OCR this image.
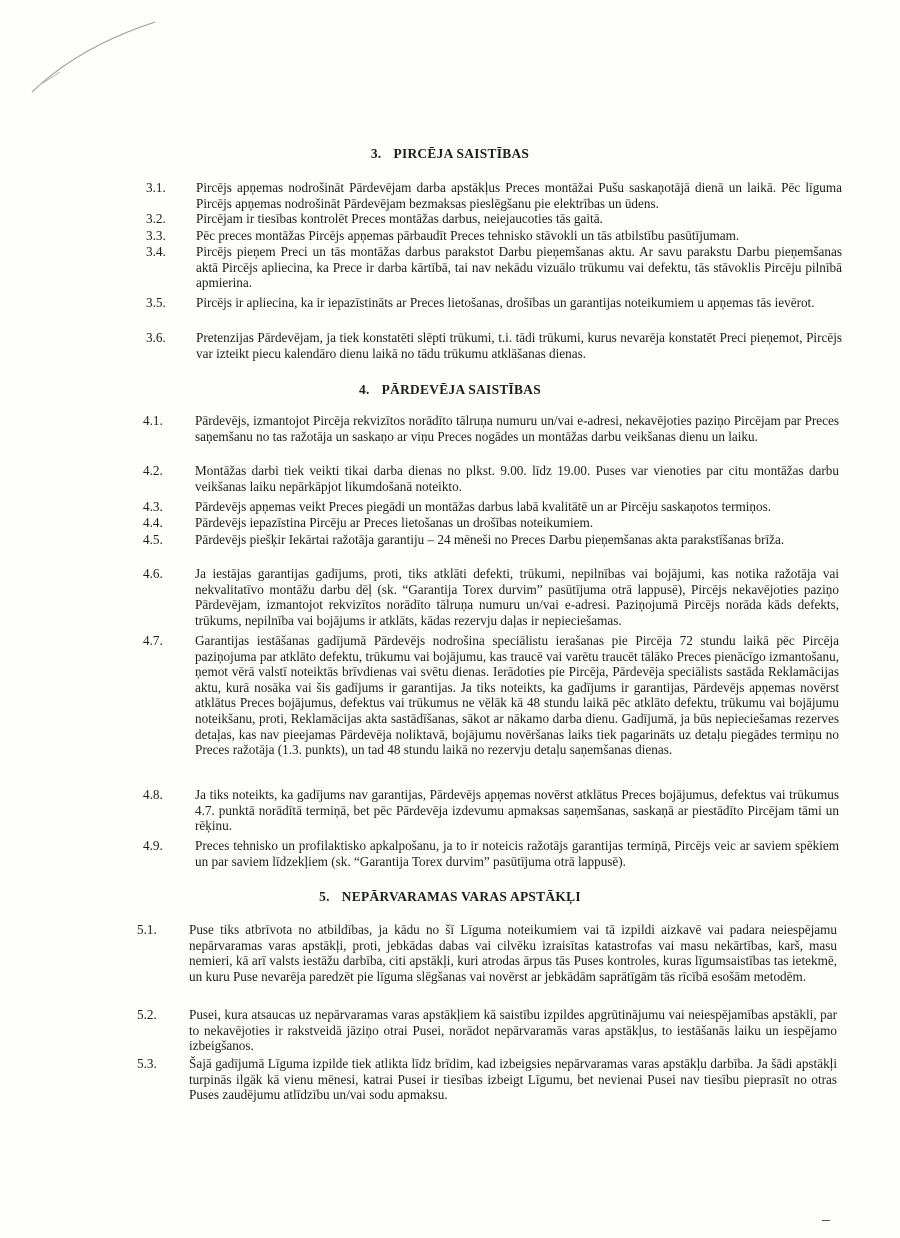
3. PIRCĒJA SAISTĪBAS
3.1.	Pircējs apņemas nodrošināt Pārdevējam darba apstākļus Preces montāžai Pušu saskaņotājā dienā un laikā. Pēc līguma Pircējs apņemas nodrošināt Pārdevējam bezmaksas pieslēgšanu pie elektrības un ūdens.
3.2.	Pircējam ir tiesības kontrolēt Preces montāžas darbus, neiejaucoties tās gaitā.
3.3.	Pēc preces montāžas Pircējs apņemas pārbaudīt Preces tehnisko stāvokli un tās atbilstību pasūtījumam.
3.4.	Pircējs pieņem Preci un tās montāžas darbus parakstot Darbu pieņemšanas aktu. Ar savu parakstu Darbu pieņemšanas aktā Pircējs apliecina, ka Prece ir darba kārtībā, tai nav nekādu vizuālo trūkumu vai defektu, tās stāvoklis Pircēju pilnībā apmierina.
3.5.	Pircējs ir apliecina, ka ir iepazīstināts ar Preces lietošanas, drošības un garantijas noteikumiem u apņemas tās ievērot.
3.6.	Pretenzijas Pārdevējam, ja tiek konstatēti slēpti trūkumi, t.i. tādi trūkumi, kurus nevarēja konstatēt Preci pieņemot, Pircējs var izteikt piecu kalendāro dienu laikā no tādu trūkumu atklāšanas dienas.
4. PĀRDEVĒJA SAISTĪBAS
4.1.	Pārdevējs, izmantojot Pircēja rekvizītos norādīto tālruņa numuru un/vai e-adresi, nekavējoties paziņo Pircējam par Preces saņemšanu no tas ražotāja un saskaņo ar viņu Preces nogādes un montāžas darbu veikšanas dienu un laiku.
4.2.	Montāžas darbi tiek veikti tikai darba dienas no plkst. 9.00. līdz 19.00. Puses var vienoties par citu montāžas darbu veikšanas laiku nepārkāpjot likumdošanā noteikto.
4.3.	Pārdevējs apņemas veikt Preces piegādi un montāžas darbus labā kvalitātē un ar Pircēju saskaņotos termiņos.
4.4.	Pārdevējs iepazīstina Pircēju ar Preces lietošanas un drošības noteikumiem.
4.5.	Pārdevējs piešķir Iekārtai ražotāja garantiju – 24 mēneši no Preces Darbu pieņemšanas akta parakstīšanas brīža.
4.6.	Ja iestājas garantijas gadījums, proti, tiks atklāti defekti, trūkumi, nepilnības vai bojājumi, kas notika ražotāja vai nekvalitatīvo montāžu darbu dēļ (sk. “Garantija Torex durvim” pasūtījuma otrā lappusē), Pircējs nekavējoties paziņo Pārdevējam, izmantojot rekvizītos norādīto tālruņa numuru un/vai e-adresi. Paziņojumā Pircējs norāda kāds defekts, trūkums, nepilnība vai bojājums ir atklāts, kādas rezervju daļas ir nepieciešamas.
4.7.	Garantijas iestāšanas gadījumā Pārdevējs nodrošina speciālistu ierašanas pie Pircēja 72 stundu laikā pēc Pircēja paziņojuma par atklāto defektu, trūkumu vai bojājumu, kas traucē vai varētu traucēt tālāko Preces pienācīgo izmantošanu, ņemot vērā valstī noteiktās brīvdienas vai svētu dienas. Ierādoties pie Pircēja, Pārdevēja speciālists sastāda Reklamācijas aktu, kurā nosāka vai šis gadījums ir garantijas. Ja tiks noteikts, ka gadījums ir garantijas, Pārdevējs apņemas novērst atklātus Preces bojājumus, defektus vai trūkumus ne vēlāk kā 48 stundu laikā pēc atklāto defektu, trūkumu vai bojājumu noteikšanu, proti, Reklamācijas akta sastādīšanas, sākot ar nākamo darba dienu. Gadījumā, ja būs nepieciešamas rezerves detaļas, kas nav pieejamas Pārdevēja noliktavā, bojājumu novēršanas laiks tiek pagarināts uz detaļu piegādes termiņu no Preces ražotāja (1.3. punkts), un tad 48 stundu laikā no rezervju detaļu saņemšanas dienas.
4.8.	Ja tiks noteikts, ka gadījums nav garantijas, Pārdevējs apņemas novērst atklātus Preces bojājumus, defektus vai trūkumus 4.7. punktā norādītā termiņā, bet pēc Pārdevēja izdevumu apmaksas saņemšanas, saskaņā ar piestādīto Pircējam tāmi un rēķinu.
4.9.	Preces tehnisko un profilaktisko apkalpošanu, ja to ir noteicis ražotājs garantijas termiņā, Pircējs veic ar saviem spēkiem un par saviem līdzekļiem (sk. “Garantija Torex durvim” pasūtījuma otrā lappusē).
5. NEPĀRVARAMAS VARAS APSTĀKĻI
5.1.	Puse tiks atbrīvota no atbildības, ja kādu no šī Līguma noteikumiem vai tā izpildi aizkavē vai padara neiespējamu nepārvaramas varas apstākļi, proti, jebkādas dabas vai cilvēku izraisītas katastrofas vai masu nekārtības, karš, masu nemieri, kā arī valsts iestāžu darbība, citi apstākļi, kuri atrodas ārpus tās Puses kontroles, kuras līgumsaistības tas ietekmē, un kuru Puse nevarēja paredzēt pie līguma slēgšanas vai novērst ar jebkādām saprātīgām tās rīcībā esošām metodēm.
5.2.	Pusei, kura atsaucas uz nepārvaramas varas apstākļiem kā saistību izpildes apgrūtinājumu vai neiespējamības apstākli, par to nekavējoties ir rakstveidā jāziņo otrai Pusei, norādot nepārvaramās varas apstākļus, to iestāšanās laiku un iespējamo izbeigšanos.
5.3.	Šajā gadījumā Līguma izpilde tiek atlikta līdz brīdim, kad izbeigsies nepārvaramas varas apstākļu darbība. Ja šādi apstākļi turpinās ilgāk kā vienu mēnesi, katrai Pusei ir tiesības izbeigt Līgumu, bet nevienai Pusei nav tiesību pieprasīt no otras Puses zaudējumu atlīdzību un/vai sodu apmaksu.
